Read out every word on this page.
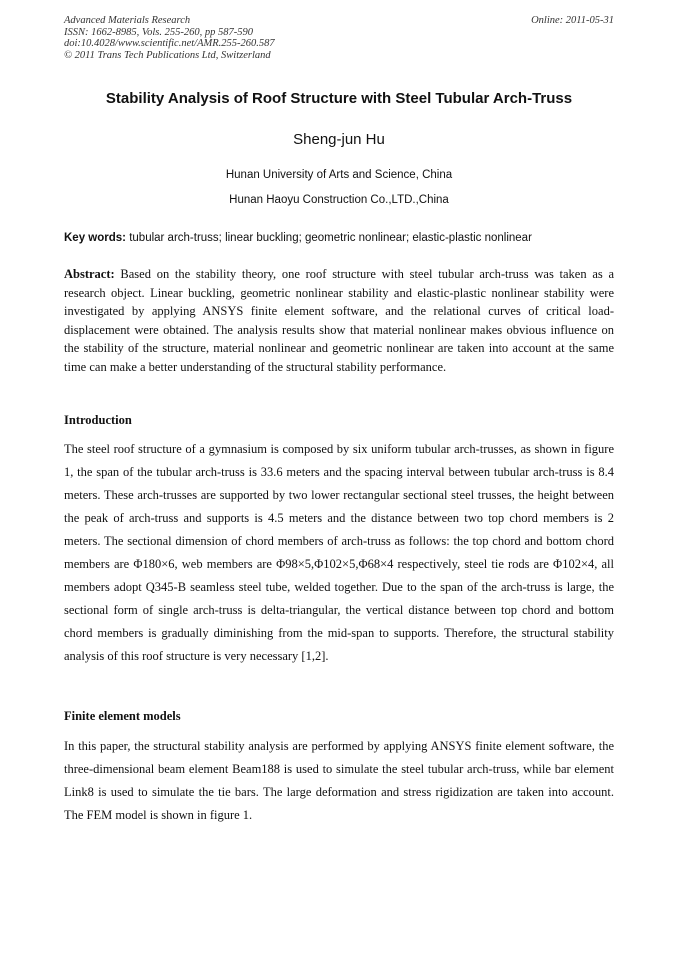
Advanced Materials Research
ISSN: 1662-8985, Vols. 255-260, pp 587-590
doi:10.4028/www.scientific.net/AMR.255-260.587
© 2011 Trans Tech Publications Ltd, Switzerland
Online: 2011-05-31
Stability Analysis of Roof Structure with Steel Tubular Arch-Truss
Sheng-jun Hu
Hunan University of Arts and Science, China
Hunan Haoyu Construction Co.,LTD.,China
Key words: tubular arch-truss; linear buckling; geometric nonlinear; elastic-plastic nonlinear
Abstract: Based on the stability theory, one roof structure with steel tubular arch-truss was taken as a research object. Linear buckling, geometric nonlinear stability and elastic-plastic nonlinear stability were investigated by applying ANSYS finite element software, and the relational curves of critical load-displacement were obtained. The analysis results show that material nonlinear makes obvious influence on the stability of the structure, material nonlinear and geometric nonlinear are taken into account at the same time can make a better understanding of the structural stability performance.
Introduction
The steel roof structure of a gymnasium is composed by six uniform tubular arch-trusses, as shown in figure 1, the span of the tubular arch-truss is 33.6 meters and the spacing interval between tubular arch-truss is 8.4 meters. These arch-trusses are supported by two lower rectangular sectional steel trusses, the height between the peak of arch-truss and supports is 4.5 meters and the distance between two top chord members is 2 meters. The sectional dimension of chord members of arch-truss as follows: the top chord and bottom chord members are Φ180×6, web members are Φ98×5,Φ102×5,Φ68×4 respectively, steel tie rods are Φ102×4, all members adopt Q345-B seamless steel tube, welded together. Due to the span of the arch-truss is large, the sectional form of single arch-truss is delta-triangular, the vertical distance between top chord and bottom chord members is gradually diminishing from the mid-span to supports. Therefore, the structural stability analysis of this roof structure is very necessary [1,2].
Finite element models
In this paper, the structural stability analysis are performed by applying ANSYS finite element software, the three-dimensional beam element Beam188 is used to simulate the steel tubular arch-truss, while bar element Link8 is used to simulate the tie bars. The large deformation and stress rigidization are taken into account. The FEM model is shown in figure 1.
